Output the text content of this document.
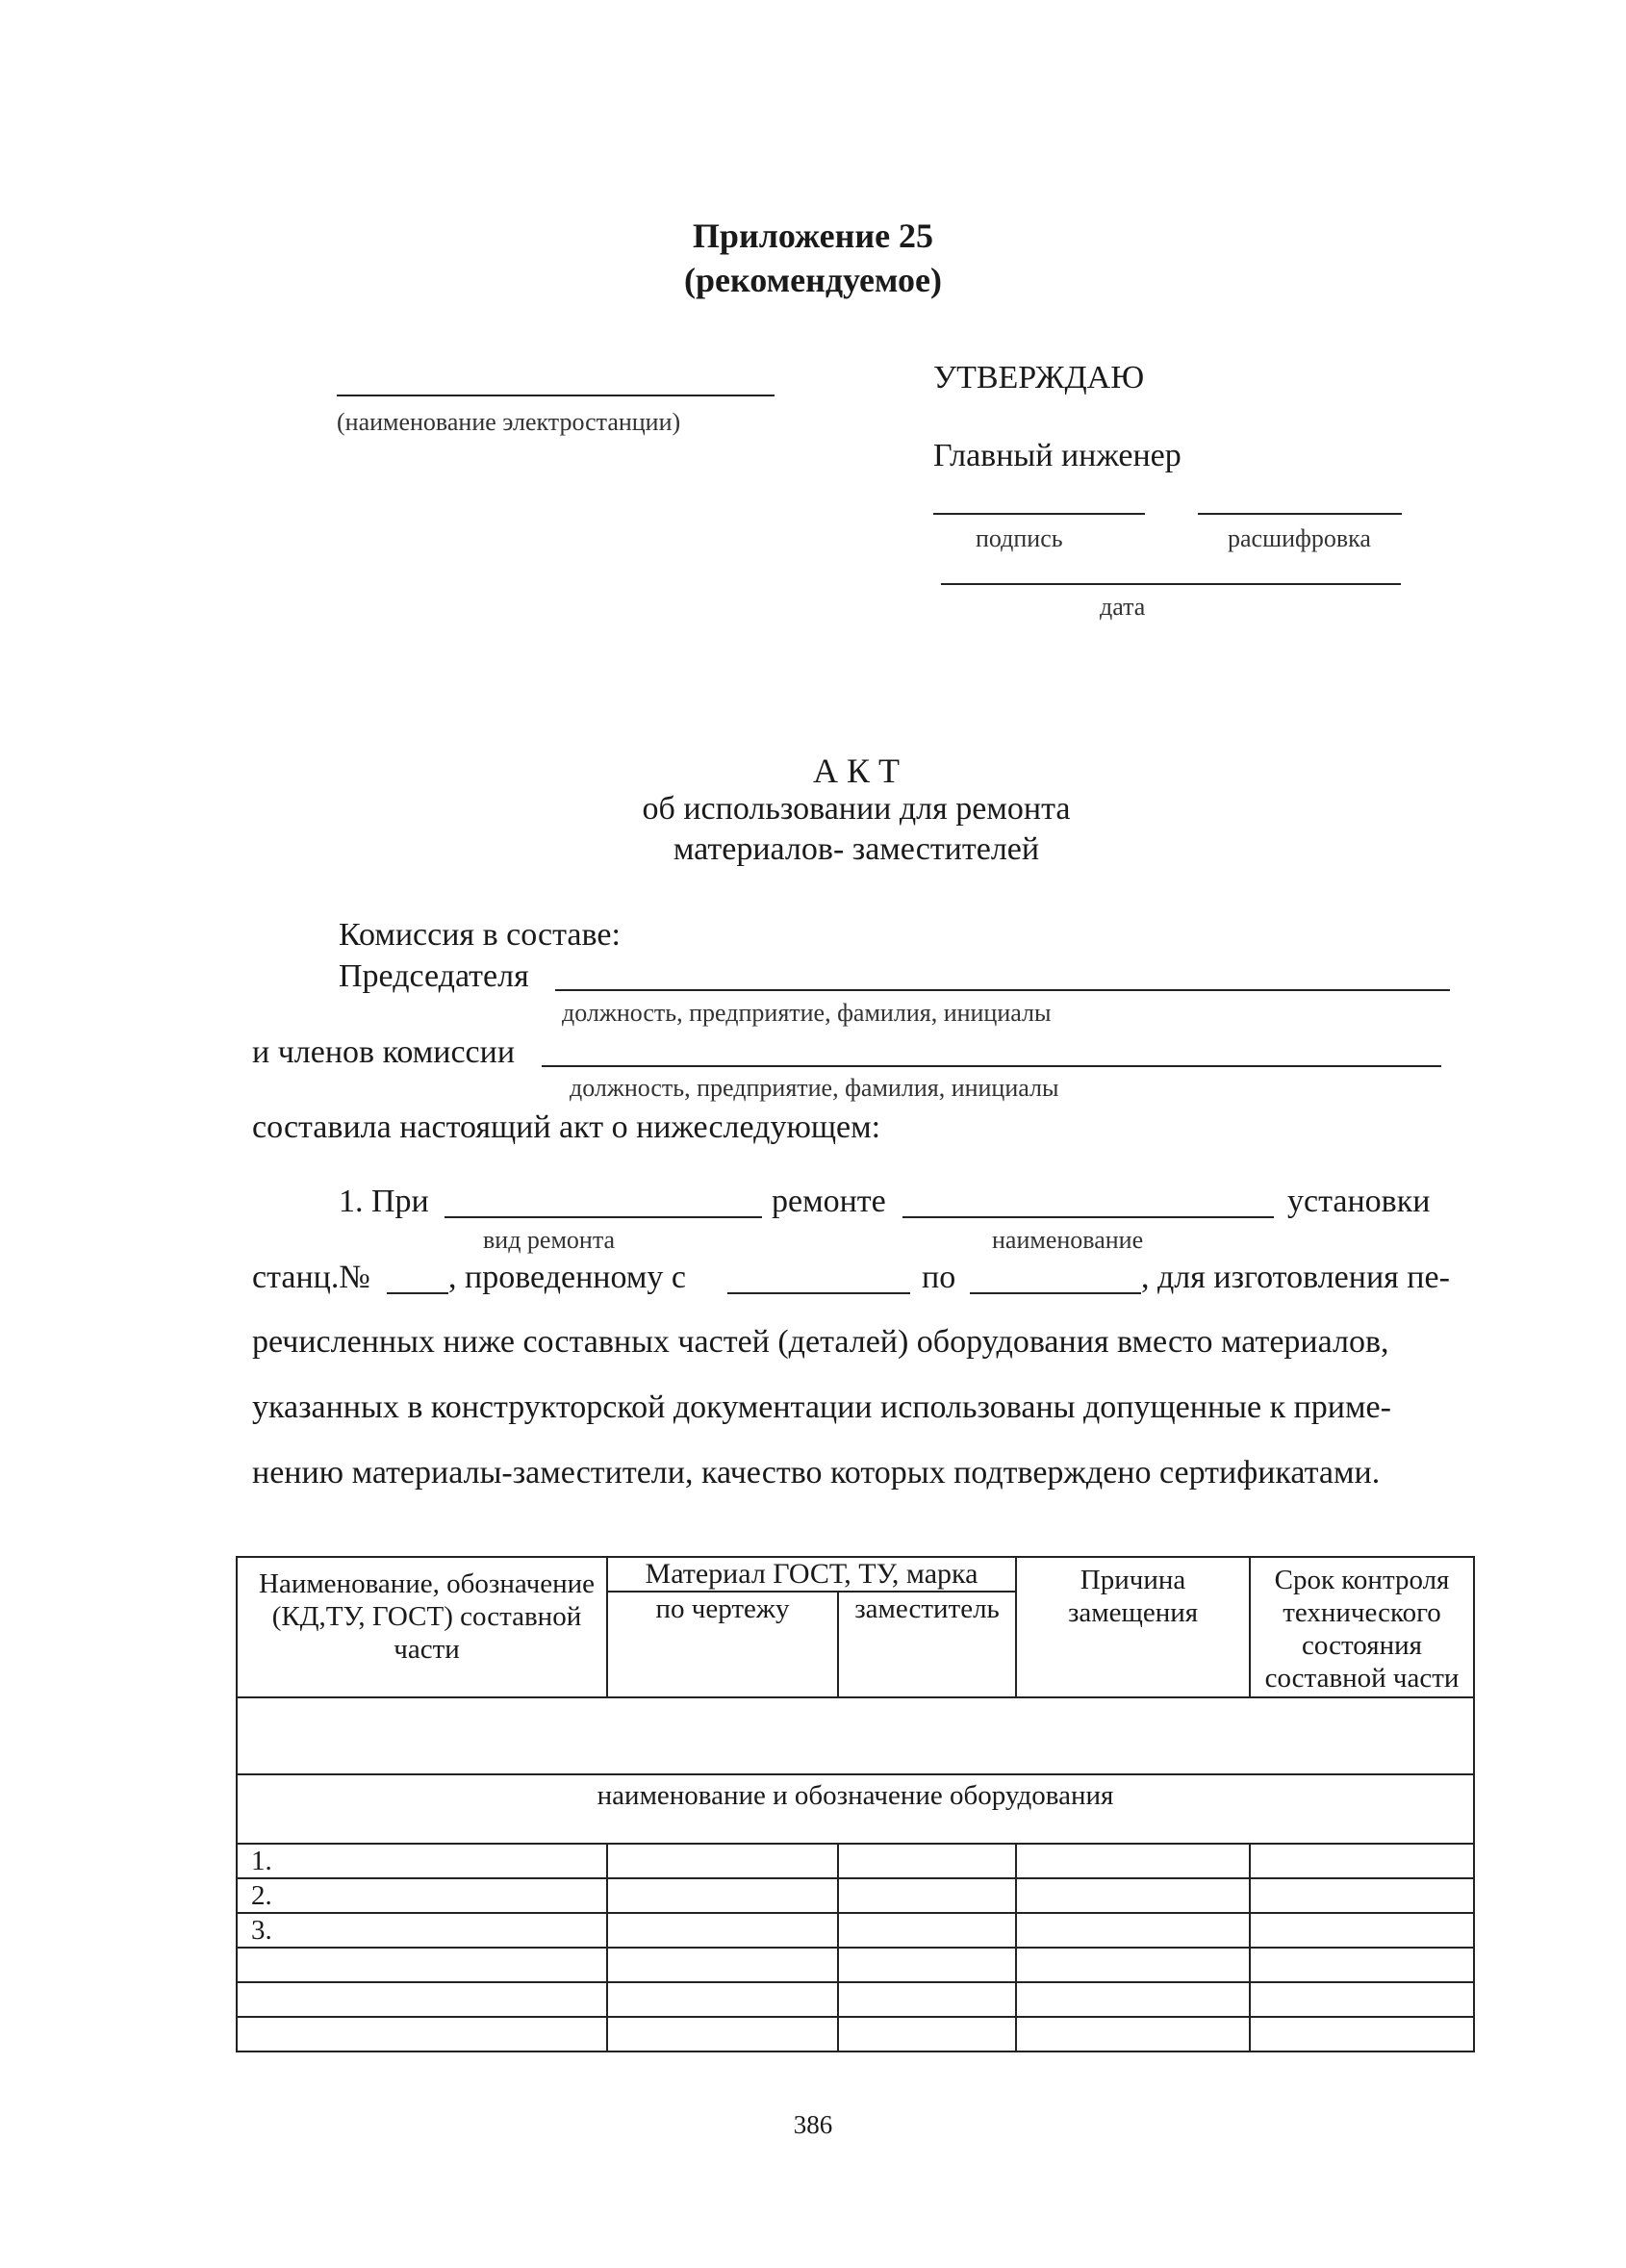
Приложение 25
(рекомендуемое)
(наименование электростанции)
УТВЕРЖДАЮ
Главный инженер
подпись	расшифровка
дата
А К Т
об использовании для ремонта
материалов- заместителей
Комиссия в составе:
Председателя
должность, предприятие, фамилия, инициалы
и членов комиссии
должность, предприятие, фамилия, инициалы
составила настоящий акт о нижеследующем:
1. При	ремонте	установки
вид ремонта	наименование
станц.№ , проведенному с	по	, для изготовления пе-
речисленных ниже составных частей (деталей) оборудования вместо материалов,
указанных в конструкторской документации использованы допущенные к приме-
нению материалы-заместители, качество которых подтверждено сертификатами.
Наименование, обозначение (КД,ТУ, ГОСТ) составной части	Материал ГОСТ, ТУ, марка		Причина замещения	Срок контроля технического состояния составной части
	по чертежу	заместитель		

наименование и обозначение оборудования				
1.				
2.				
3.				

386
